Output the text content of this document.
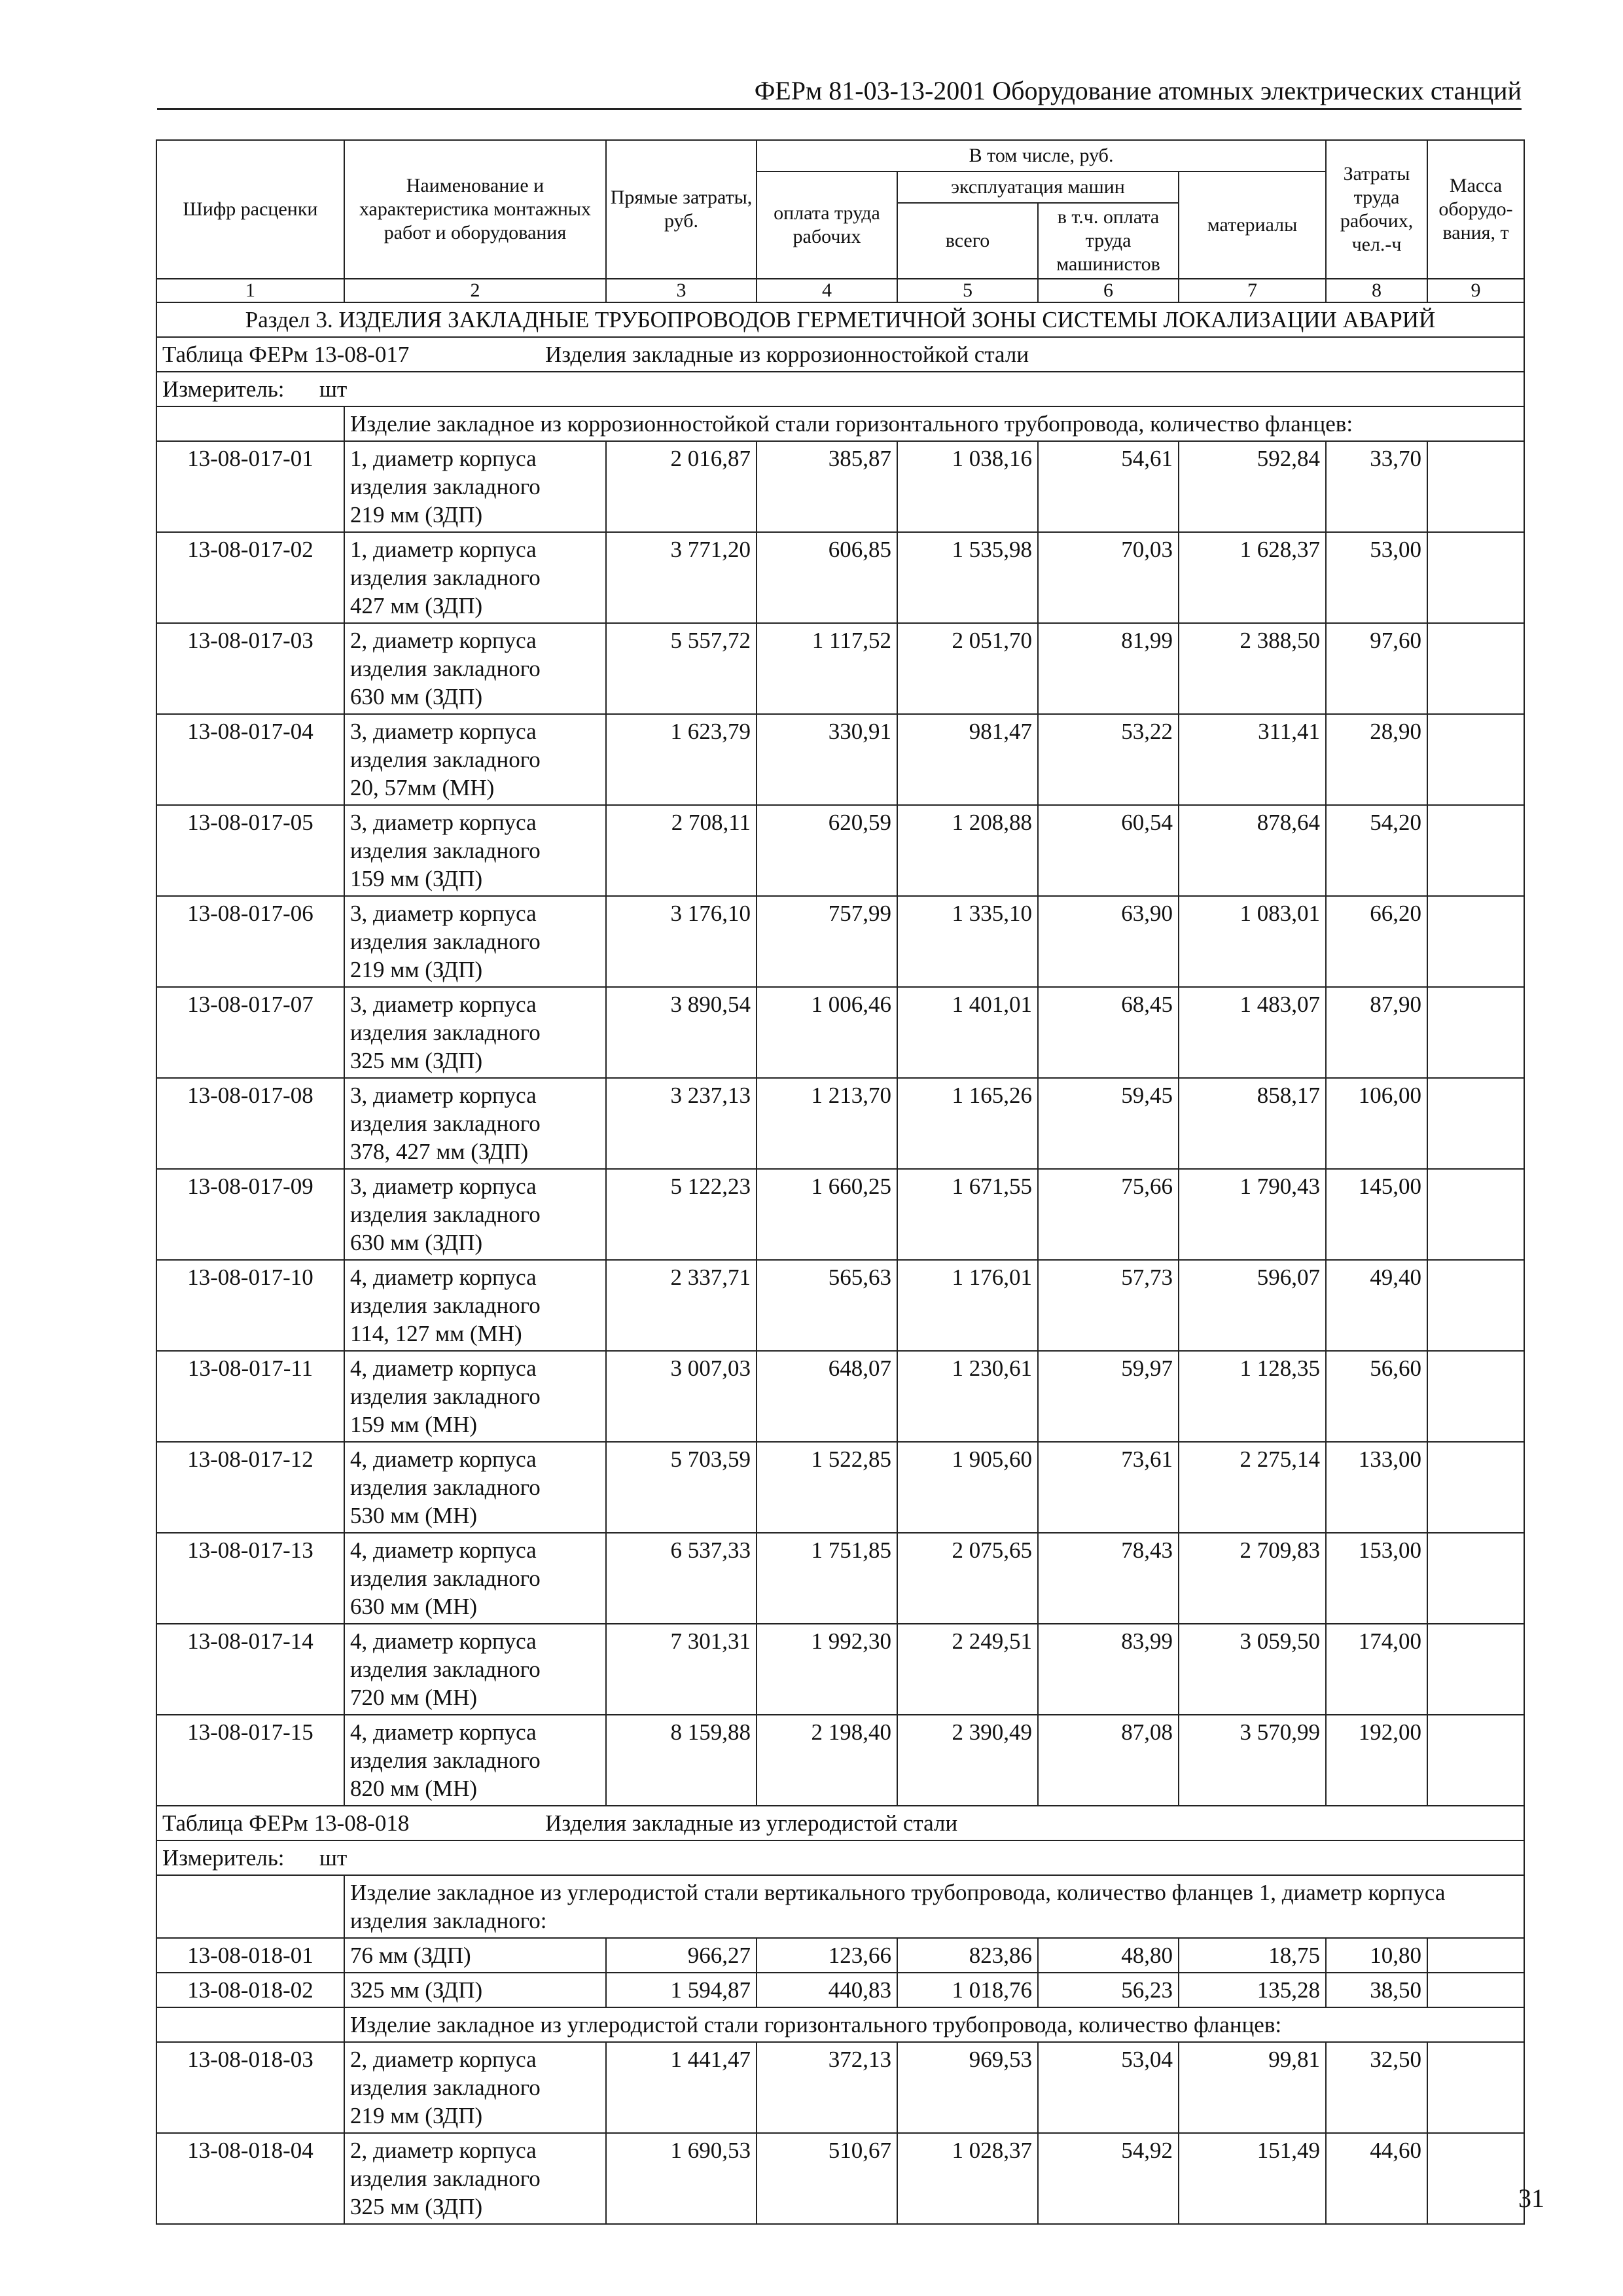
ФЕРм 81-03-13-2001 Оборудование атомных электрических станций
Шифр расценки	Наименование и характеристика монтажных работ и оборудования	Прямые затраты, руб.	В том числе, руб.				Затраты труда рабочих, чел.-ч	Масса оборудо-вания, т
			оплата труда рабочих	эксплуатация машин		материалы		
				всего	в т.ч. оплата труда машинистов			
1	2	3	4	5	6	7	8	9
Раздел 3. ИЗДЕЛИЯ ЗАКЛАДНЫЕ ТРУБОПРОВОДОВ ГЕРМЕТИЧНОЙ ЗОНЫ СИСТЕМЫ ЛОКАЛИЗАЦИИ АВАРИЙ								
Таблица ФЕРм 13-08-017 Изделия закладные из коррозионностойкой стали								
Измеритель: шт								
	Изделие закладное из коррозионностойкой стали горизонтального трубопровода, количество фланцев:							
13-08-017-01	1, диаметр корпуса
изделия закладного
219 мм (ЗДП)	2 016,87	385,87	1 038,16	54,61	592,84	33,70	
13-08-017-02	1, диаметр корпуса
изделия закладного
427 мм (ЗДП)	3 771,20	606,85	1 535,98	70,03	1 628,37	53,00	
13-08-017-03	2, диаметр корпуса
изделия закладного
630 мм (ЗДП)	5 557,72	1 117,52	2 051,70	81,99	2 388,50	97,60	
13-08-017-04	3, диаметр корпуса
изделия закладного
20, 57мм (МН)	1 623,79	330,91	981,47	53,22	311,41	28,90	
13-08-017-05	3, диаметр корпуса
изделия закладного
159 мм (ЗДП)	2 708,11	620,59	1 208,88	60,54	878,64	54,20	
13-08-017-06	3, диаметр корпуса
изделия закладного
219 мм (ЗДП)	3 176,10	757,99	1 335,10	63,90	1 083,01	66,20	
13-08-017-07	3, диаметр корпуса
изделия закладного
325 мм (ЗДП)	3 890,54	1 006,46	1 401,01	68,45	1 483,07	87,90	
13-08-017-08	3, диаметр корпуса
изделия закладного
378, 427 мм (ЗДП)	3 237,13	1 213,70	1 165,26	59,45	858,17	106,00	
13-08-017-09	3, диаметр корпуса
изделия закладного
630 мм (ЗДП)	5 122,23	1 660,25	1 671,55	75,66	1 790,43	145,00	
13-08-017-10	4, диаметр корпуса
изделия закладного
114, 127 мм (МН)	2 337,71	565,63	1 176,01	57,73	596,07	49,40	
13-08-017-11	4, диаметр корпуса
изделия закладного
159 мм (МН)	3 007,03	648,07	1 230,61	59,97	1 128,35	56,60	
13-08-017-12	4, диаметр корпуса
изделия закладного
530 мм (МН)	5 703,59	1 522,85	1 905,60	73,61	2 275,14	133,00	
13-08-017-13	4, диаметр корпуса
изделия закладного
630 мм (МН)	6 537,33	1 751,85	2 075,65	78,43	2 709,83	153,00	
13-08-017-14	4, диаметр корпуса
изделия закладного
720 мм (МН)	7 301,31	1 992,30	2 249,51	83,99	3 059,50	174,00	
13-08-017-15	4, диаметр корпуса
изделия закладного
820 мм (МН)	8 159,88	2 198,40	2 390,49	87,08	3 570,99	192,00	
Таблица ФЕРм 13-08-018 Изделия закладные из углеродистой стали								
Измеритель: шт								
	Изделие закладное из углеродистой стали вертикального трубопровода, количество фланцев 1, диаметр корпуса изделия закладного:							
13-08-018-01	76 мм (ЗДП)	966,27	123,66	823,86	48,80	18,75	10,80	
13-08-018-02	325 мм (ЗДП)	1 594,87	440,83	1 018,76	56,23	135,28	38,50	
	Изделие закладное из углеродистой стали горизонтального трубопровода, количество фланцев:							
13-08-018-03	2, диаметр корпуса
изделия закладного
219 мм (ЗДП)	1 441,47	372,13	969,53	53,04	99,81	32,50	
13-08-018-04	2, диаметр корпуса
изделия закладного
325 мм (ЗДП)	1 690,53	510,67	1 028,37	54,92	151,49	44,60	
31
